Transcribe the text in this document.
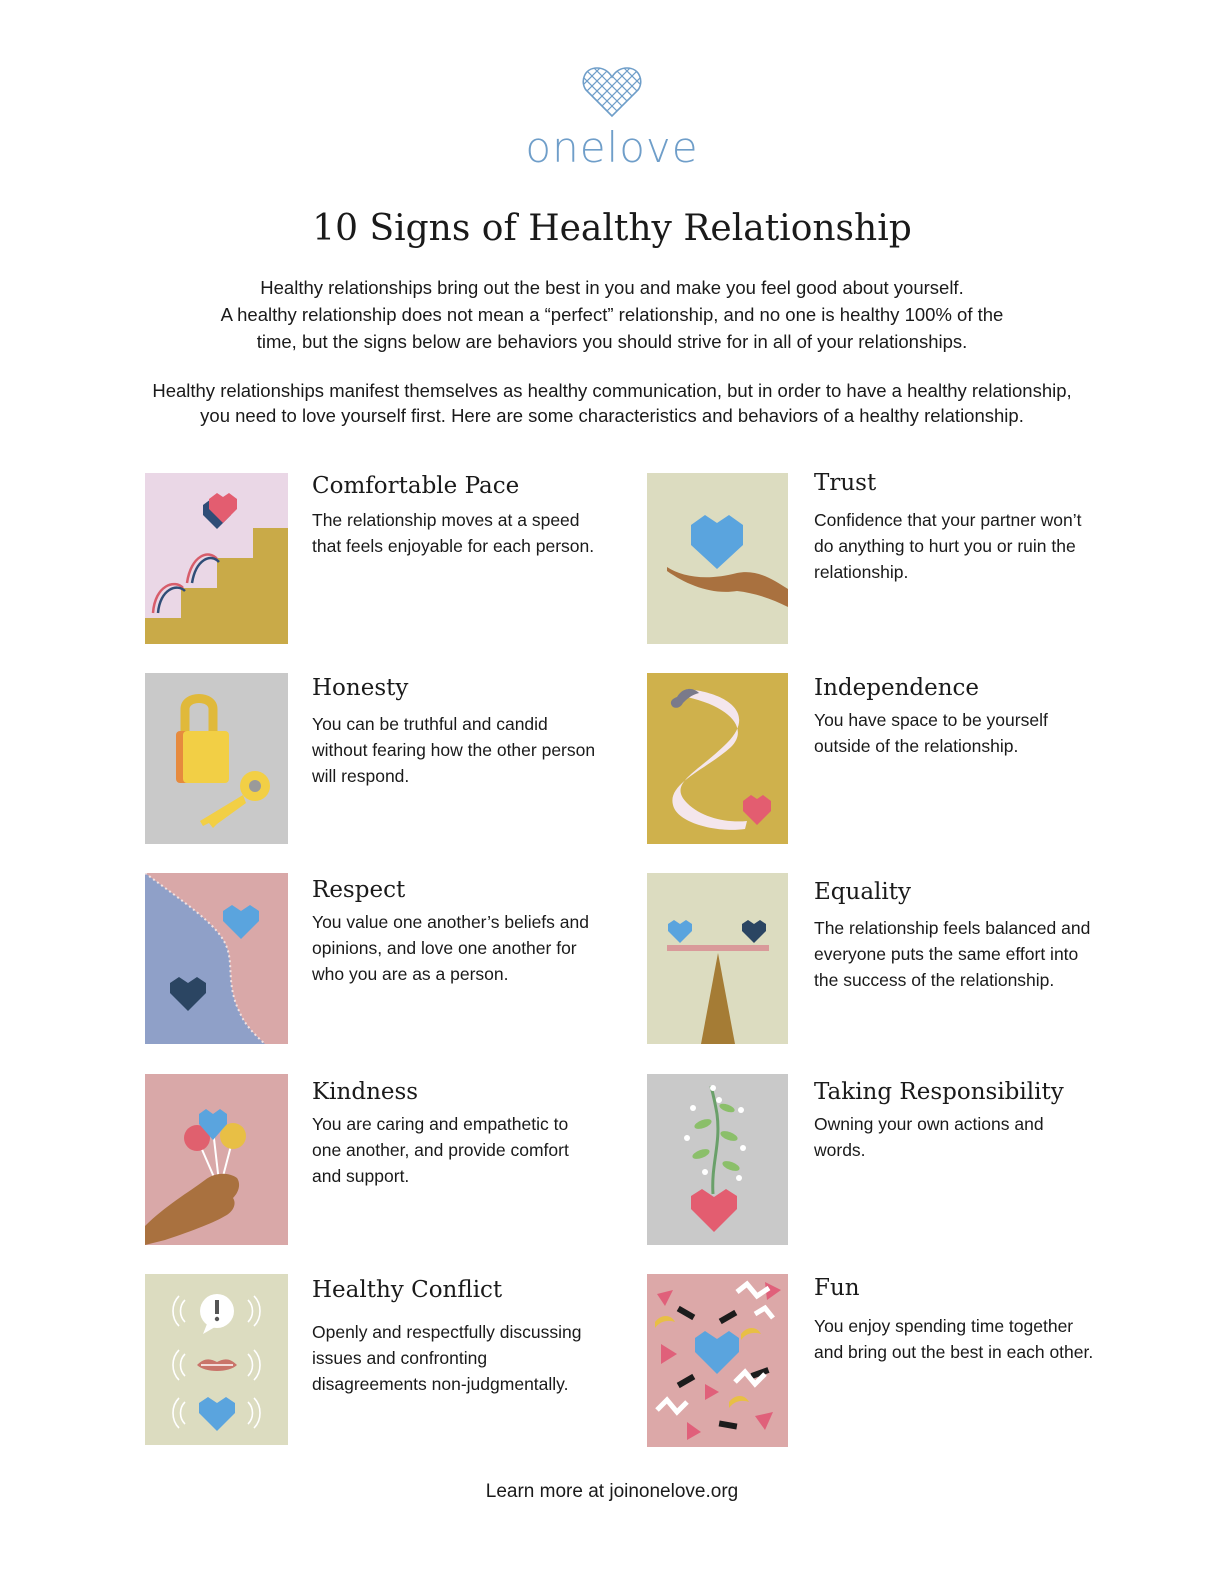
onelove
10 Signs of Healthy Relationship

Healthy relationships bring out the best in you and make you feel good about yourself.

A healthy relationship does not mean a “perfect” relationship, and no one is healthy 100% of the

time, but the signs below are behaviors you should strive for in all of your relationships.

Healthy relationships manifest themselves as healthy communication, but in order to have a healthy relationship,

you need to love yourself first. Here are some characteristics and behaviors of a healthy relationship.

Comfortable Pace
The relationship moves at a speed that feels enjoyable for each person.
Trust
Confidence that your partner won’t do anything to hurt you or ruin the relationship.
Honesty
You can be truthful and candid without fearing how the other person will respond.
Independence
You have space to be yourself outside of the relationship.
Respect
You value one another’s beliefs and opinions, and love one another for who you are as a person.
Equality
The relationship feels balanced and everyone puts the same effort into the success of the relationship.
Kindness
You are caring and empathetic to one another, and provide comfort and support.
Taking Responsibility
Owning your own actions and words.
Healthy Conflict
Openly and respectfully discussing issues and confronting disagreements non-judgmentally.
Fun
You enjoy spending time together and bring out the best in each other.
Learn more at joinonelove.org
